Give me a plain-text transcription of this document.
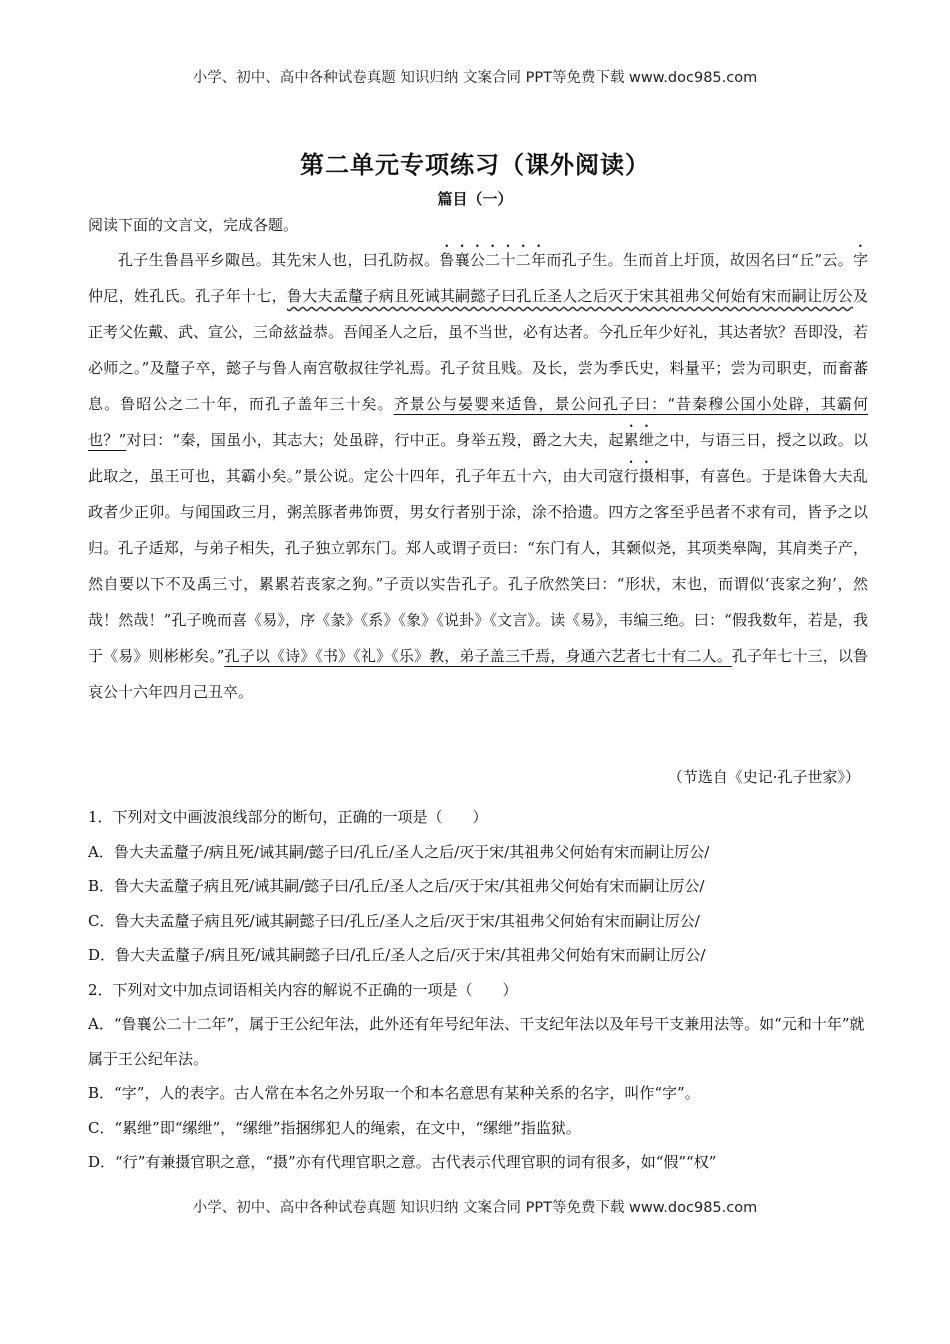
小学、初中、高中各种试卷真题 知识归纳 文案合同 PPT等免费下载 www.doc985.com
第二单元专项练习（课外阅读）
篇目（一）
阅读下面的文言文，完成各题。
孔子生鲁昌平乡陬邑。其先宋人也，曰孔防叔。鲁襄公二十二年而孔子生。生而首上圩顶，故因名曰“丘”云。字仲尼，姓孔氏。孔子年十七，鲁大夫孟釐子病且死诫其嗣懿子曰孔丘圣人之后灭于宋其祖弗父何始有宋而嗣让厉公及正考父佐戴、武、宣公，三命兹益恭。吾闻圣人之后，虽不当世，必有达者。今孔丘年少好礼，其达者欤？吾即没，若必师之。”及釐子卒，懿子与鲁人南宫敬叔往学礼焉。孔子贫且贱。及长，尝为季氏史，料量平；尝为司职吏，而畜蕃息。鲁昭公之二十年，而孔子盖年三十矣。齐景公与晏婴来适鲁，景公问孔子曰：“昔秦穆公国小处辟，其霸何也？”对曰：“秦，国虽小，其志大；处虽辟，行中正。身举五羖，爵之大夫，起累绁之中，与语三日，授之以政。以此取之，虽王可也，其霸小矣。”景公说。定公十四年，孔子年五十六，由大司寇行摄相事，有喜色。于是诛鲁大夫乱政者少正卯。与闻国政三月，粥羔豚者弗饰贾，男女行者别于涂，涂不拾遗。四方之客至乎邑者不求有司，皆予之以归。孔子适郑，与弟子相失，孔子独立郭东门。郑人或谓子贡曰：“东门有人，其颡似尧，其项类皋陶，其肩类子产，然自要以下不及禹三寸，累累若丧家之狗。”子贡以实告孔子。孔子欣然笑曰：“形状，末也，而谓似‘丧家之狗’，然哉！然哉！”孔子晚而喜《易》，序《彖》《系》《象》《说卦》《文言》。读《易》，韦编三绝。曰：“假我数年，若是，我于《易》则彬彬矣。”孔子以《诗》《书》《礼》《乐》教，弟子盖三千焉，身通六艺者七十有二人。孔子年七十三，以鲁哀公十六年四月己丑卒。
（节选自《史记·孔子世家》）
1．下列对文中画波浪线部分的断句，正确的一项是（　　）
A．鲁大夫孟釐子/病且死/诫其嗣/懿子曰/孔丘/圣人之后/灭于宋/其祖弗父何始有宋而嗣让厉公/
B．鲁大夫孟釐子病且死/诫其嗣/懿子曰/孔丘/圣人之后/灭于宋/其祖弗父何始有宋而嗣让厉公/
C．鲁大夫孟釐子病且死/诫其嗣懿子曰/孔丘/圣人之后/灭于宋/其祖弗父何始有宋而嗣让厉公/
D．鲁大夫孟釐子/病且死/诫其嗣懿子曰/孔丘/圣人之后/灭于宋/其祖弗父何始有宋而嗣让厉公/
2．下列对文中加点词语相关内容的解说不正确的一项是（　　）
A．“鲁襄公二十二年”，属于王公纪年法，此外还有年号纪年法、干支纪年法以及年号干支兼用法等。如“元和十年”就属于王公纪年法。
B．“字”，人的表字。古人常在本名之外另取一个和本名意思有某种关系的名字，叫作“字”。
C．“累绁”即“缧绁”，“缧绁”指捆绑犯人的绳索，在文中，“缧绁”指监狱。
D．“行”有兼摄官职之意，“摄”亦有代理官职之意。古代表示代理官职的词有很多，如“假”“权”
小学、初中、高中各种试卷真题 知识归纳 文案合同 PPT等免费下载 www.doc985.com
